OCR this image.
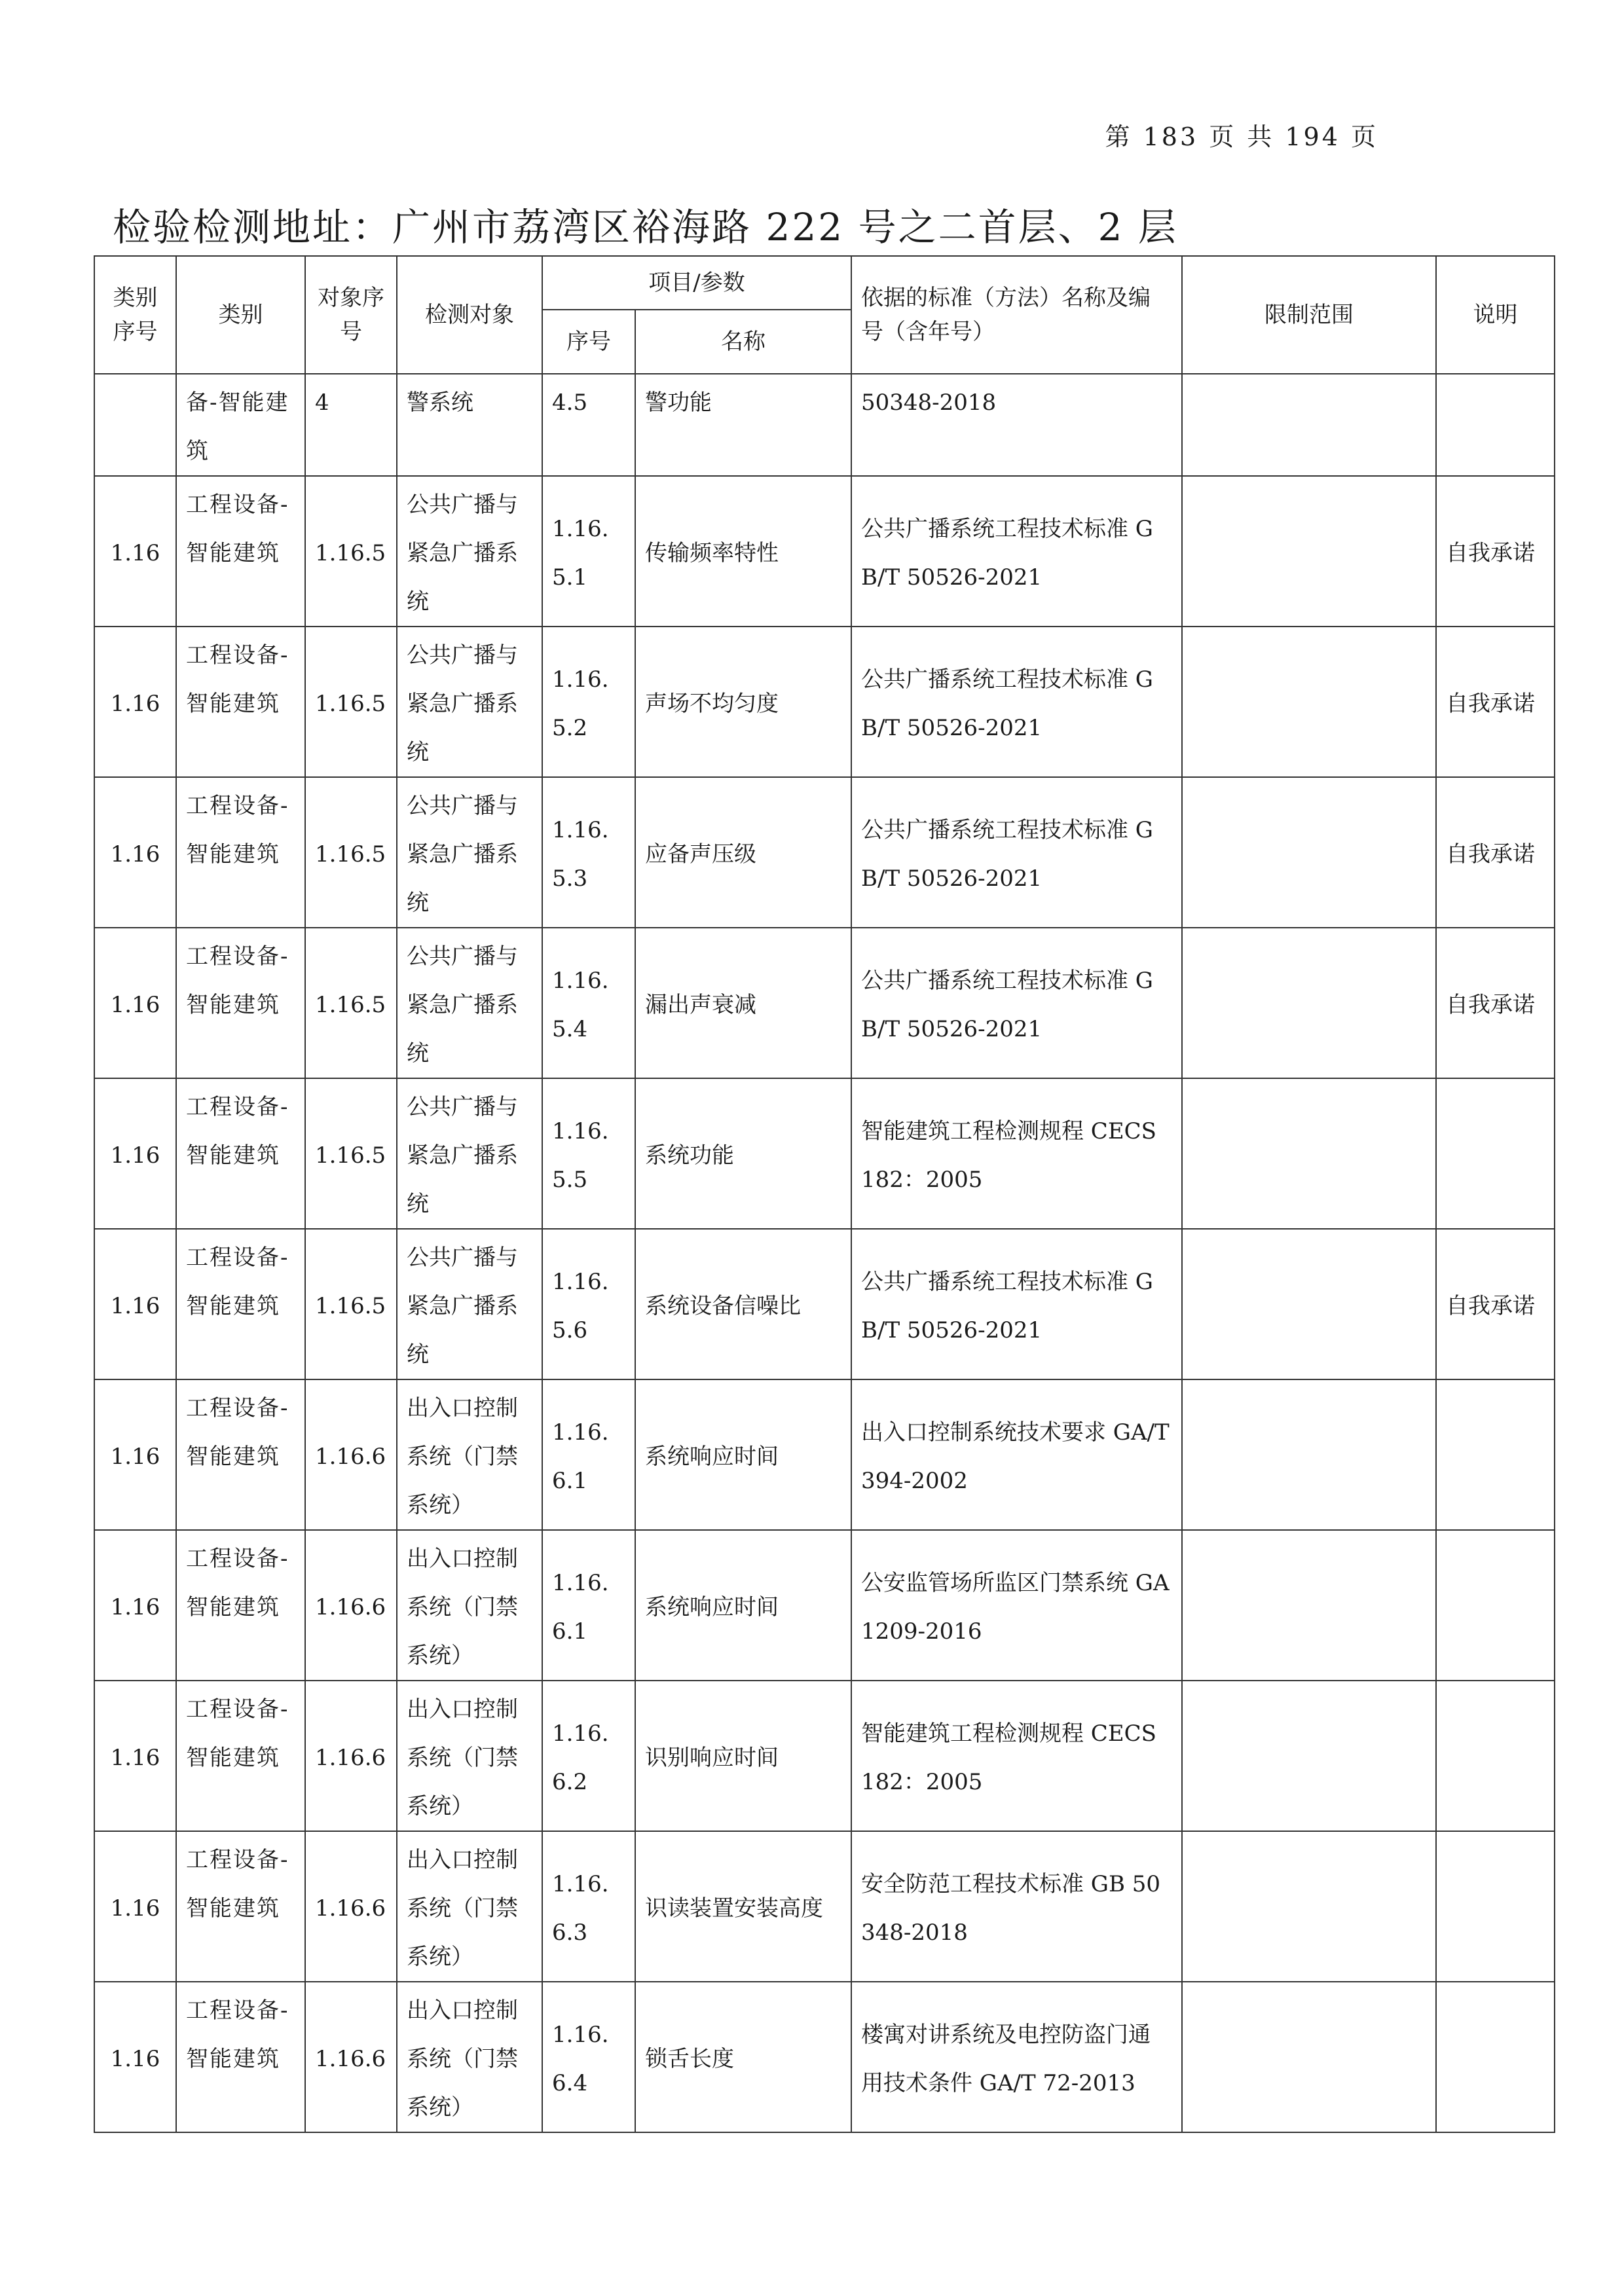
第 183 页 共 194 页
检验检测地址：广州市荔湾区裕海路 222 号之二首层、2 层
类别序号	类别	对象序号	检测对象	项目/参数		依据的标准（方法）名称及编号（含年号）	限制范围	说明
				序号	名称			
	备-智能建筑	4	警系统	4.5	警功能	50348-2018		
1.16	工程设备-智能建筑	1.16.5	公共广播与紧急广播系统	1.16.5.1	传输频率特性	公共广播系统工程技术标准 GB/T 50526-2021		自我承诺
1.16	工程设备-智能建筑	1.16.5	公共广播与紧急广播系统	1.16.5.2	声场不均匀度	公共广播系统工程技术标准 GB/T 50526-2021		自我承诺
1.16	工程设备-智能建筑	1.16.5	公共广播与紧急广播系统	1.16.5.3	应备声压级	公共广播系统工程技术标准 GB/T 50526-2021		自我承诺
1.16	工程设备-智能建筑	1.16.5	公共广播与紧急广播系统	1.16.5.4	漏出声衰减	公共广播系统工程技术标准 GB/T 50526-2021		自我承诺
1.16	工程设备-智能建筑	1.16.5	公共广播与紧急广播系统	1.16.5.5	系统功能	智能建筑工程检测规程 CECS 182：2005		
1.16	工程设备-智能建筑	1.16.5	公共广播与紧急广播系统	1.16.5.6	系统设备信噪比	公共广播系统工程技术标准 GB/T 50526-2021		自我承诺
1.16	工程设备-智能建筑	1.16.6	出入口控制系统（门禁系统）	1.16.6.1	系统响应时间	出入口控制系统技术要求 GA/T 394-2002		
1.16	工程设备-智能建筑	1.16.6	出入口控制系统（门禁系统）	1.16.6.1	系统响应时间	公安监管场所监区门禁系统 GA 1209-2016		
1.16	工程设备-智能建筑	1.16.6	出入口控制系统（门禁系统）	1.16.6.2	识别响应时间	智能建筑工程检测规程 CECS 182：2005		
1.16	工程设备-智能建筑	1.16.6	出入口控制系统（门禁系统）	1.16.6.3	识读装置安装高度	安全防范工程技术标准 GB 50348-2018		
1.16	工程设备-智能建筑	1.16.6	出入口控制系统（门禁系统）	1.16.6.4	锁舌长度	楼寓对讲系统及电控防盗门通用技术条件 GA/T 72-2013		
